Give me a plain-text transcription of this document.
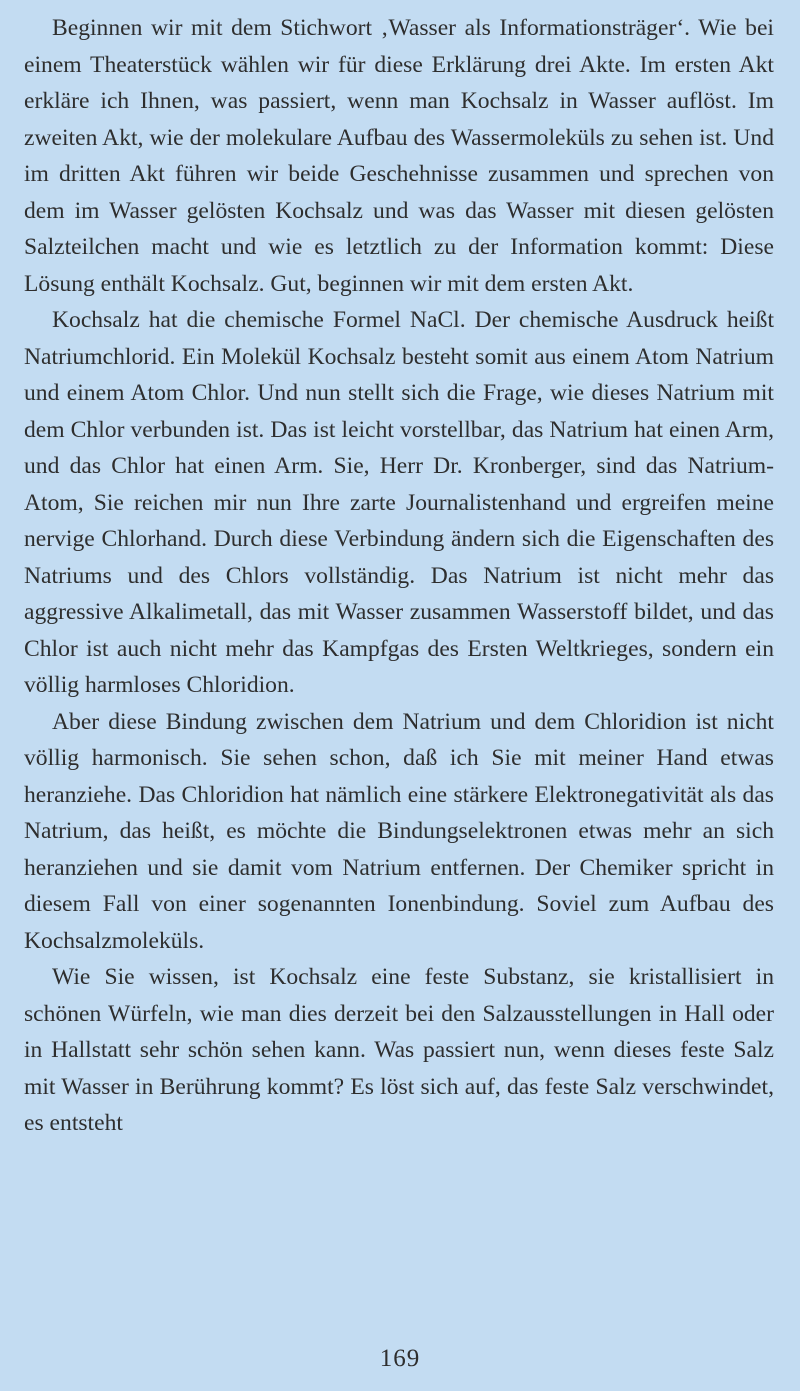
Beginnen wir mit dem Stichwort ‚Wasser als Informationsträger‘. Wie bei einem Theaterstück wählen wir für diese Erklärung drei Akte. Im ersten Akt erkläre ich Ihnen, was passiert, wenn man Kochsalz in Wasser auflöst. Im zweiten Akt, wie der molekulare Aufbau des Wassermoleküls zu sehen ist. Und im dritten Akt führen wir beide Geschehnisse zusammen und sprechen von dem im Wasser gelösten Kochsalz und was das Wasser mit diesen gelösten Salzteilchen macht und wie es letztlich zu der Information kommt: Diese Lösung enthält Kochsalz. Gut, beginnen wir mit dem ersten Akt.

Kochsalz hat die chemische Formel NaCl. Der chemische Ausdruck heißt Natriumchlorid. Ein Molekül Kochsalz besteht somit aus einem Atom Natrium und einem Atom Chlor. Und nun stellt sich die Frage, wie dieses Natrium mit dem Chlor verbunden ist. Das ist leicht vorstellbar, das Natrium hat einen Arm, und das Chlor hat einen Arm. Sie, Herr Dr. Kronberger, sind das Natrium-Atom, Sie reichen mir nun Ihre zarte Journalistenhand und ergreifen meine nervige Chlorhand. Durch diese Verbindung ändern sich die Eigenschaften des Natriums und des Chlors vollständig. Das Natrium ist nicht mehr das aggressive Alkalimetall, das mit Wasser zusammen Wasserstoff bildet, und das Chlor ist auch nicht mehr das Kampfgas des Ersten Weltkrieges, sondern ein völlig harmloses Chloridion.

Aber diese Bindung zwischen dem Natrium und dem Chloridion ist nicht völlig harmonisch. Sie sehen schon, daß ich Sie mit meiner Hand etwas heranziehe. Das Chloridion hat nämlich eine stärkere Elektronegativität als das Natrium, das heißt, es möchte die Bindungselektronen etwas mehr an sich heranziehen und sie damit vom Natrium entfernen. Der Chemiker spricht in diesem Fall von einer sogenannten Ionenbindung. Soviel zum Aufbau des Kochsalzmoleküls.

Wie Sie wissen, ist Kochsalz eine feste Substanz, sie kristallisiert in schönen Würfeln, wie man dies derzeit bei den Salzausstellungen in Hall oder in Hallstatt sehr schön sehen kann. Was passiert nun, wenn dieses feste Salz mit Wasser in Berührung kommt? Es löst sich auf, das feste Salz verschwindet, es entsteht

169
